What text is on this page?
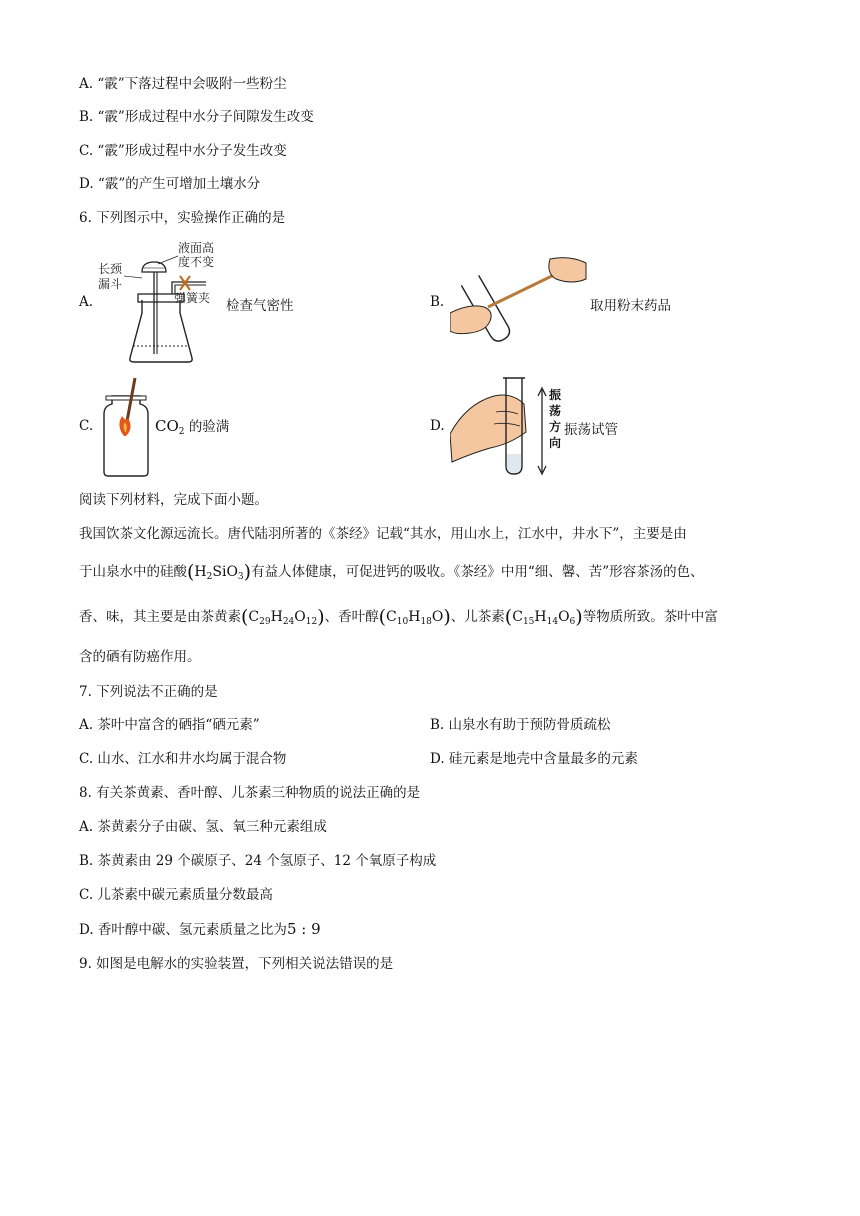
A. “霰”下落过程中会吸附一些粉尘
B. “霰”形成过程中水分子间隙发生改变
C. “霰”形成过程中水分子发生改变
D. “霰”的产生可增加土壤水分
6. 下列图示中，实验操作正确的是
A.
液面高
度不变
长颈
漏斗
弹簧夹 检查气密性	B.	取用粉末药品
C.	$CO_2$ 的验满	D.
振
荡
方
向
振荡试管
阅读下列材料，完成下面小题。
我国饮茶文化源远流长。唐代陆羽所著的《茶经》记载“其水，用山水上，江水中，井水下”，主要是由
于山泉水中的硅酸$(H_2SiO_3)$有益人体健康，可促进钙的吸收。《茶经》中用“细、馨、苦”形容茶汤的色、
香、味，其主要是由茶黄素$(C_{29}H_{24}O_{12})$、香叶醇$(C_{10}H_{18}O)$、儿茶素$(C_{15}H_{14}O_6)$等物质所致。茶叶中富
含的硒有防癌作用。
7. 下列说法不正确的是
A. 茶叶中富含的硒指“硒元素”	B. 山泉水有助于预防骨质疏松
C. 山水、江水和井水均属于混合物	D. 硅元素是地壳中含量最多的元素
8. 有关茶黄素、香叶醇、儿茶素三种物质的说法正确的是
A. 茶黄素分子由碳、氢、氧三种元素组成
B. 茶黄素由 29 个碳原子、24 个氢原子、12 个氧原子构成
C. 儿茶素中碳元素质量分数最高
D. 香叶醇中碳、氢元素质量之比为5 : 9
9. 如图是电解水的实验装置，下列相关说法错误的是
